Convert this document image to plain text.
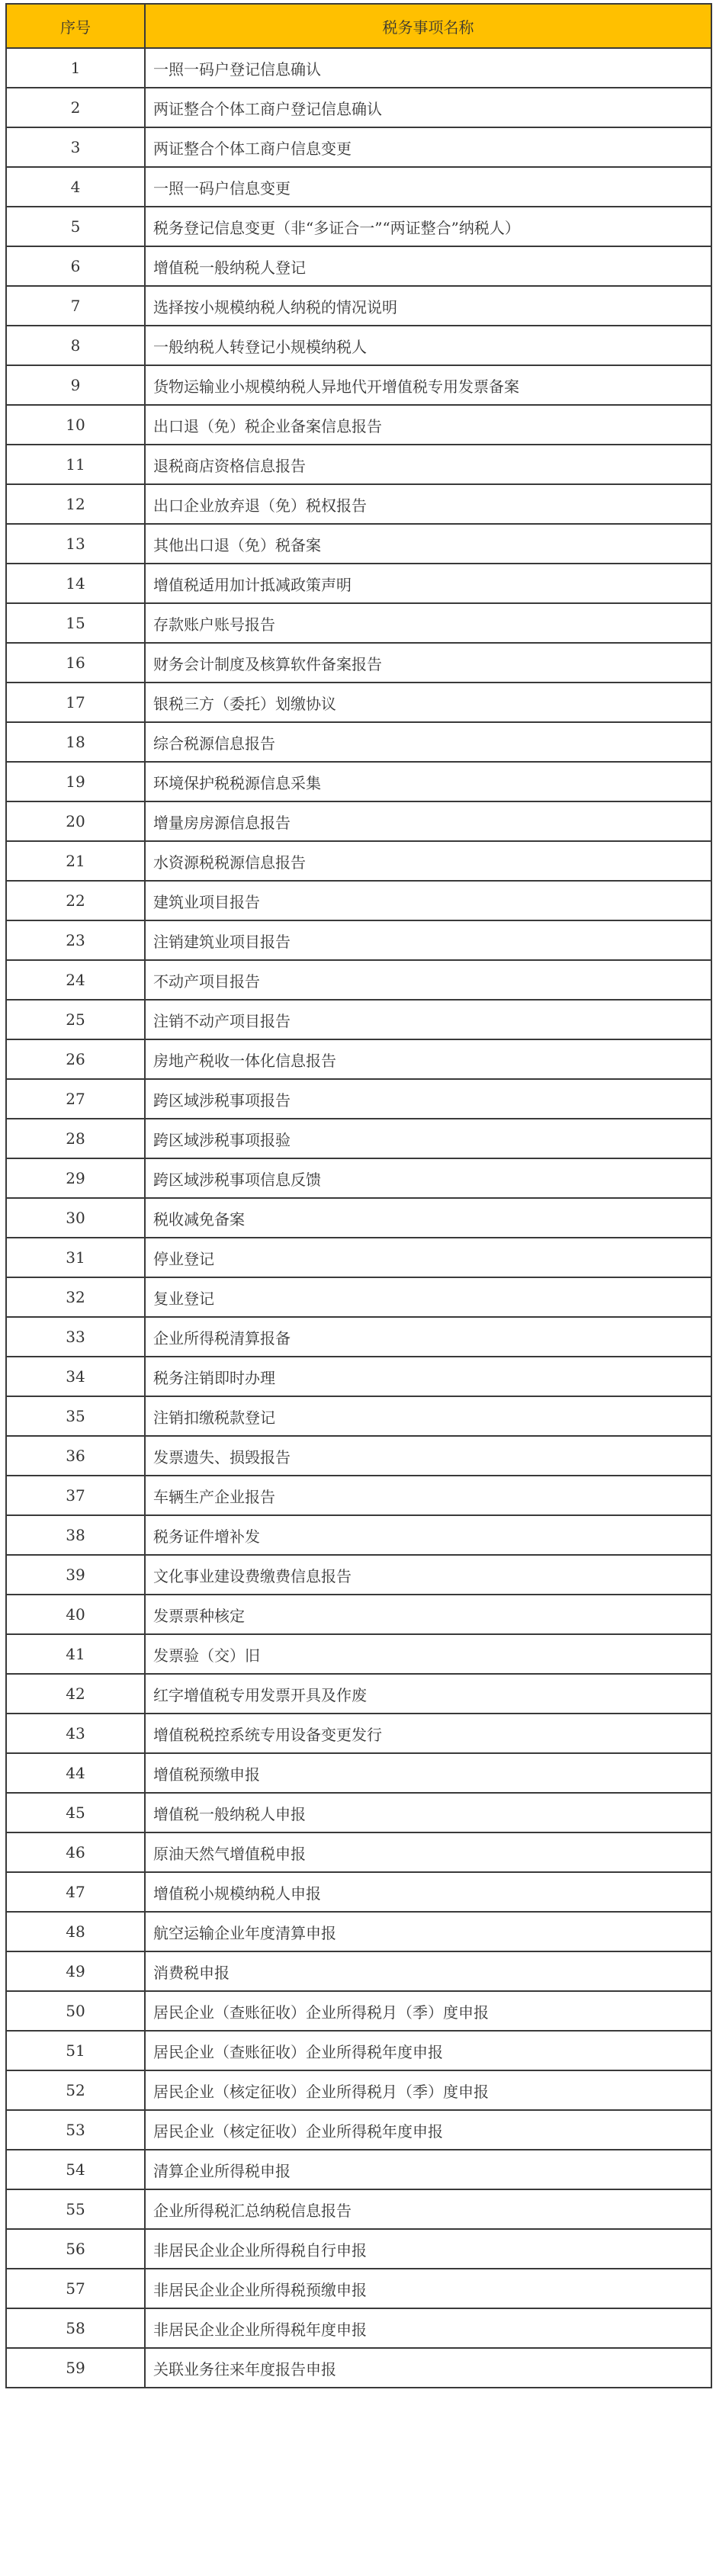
序号	税务事项名称
1	一照一码户登记信息确认
2	两证整合个体工商户登记信息确认
3	两证整合个体工商户信息变更
4	一照一码户信息变更
5	税务登记信息变更（非“多证合一”“两证整合”纳税人）
6	增值税一般纳税人登记
7	选择按小规模纳税人纳税的情况说明
8	一般纳税人转登记小规模纳税人
9	货物运输业小规模纳税人异地代开增值税专用发票备案
10	出口退（免）税企业备案信息报告
11	退税商店资格信息报告
12	出口企业放弃退（免）税权报告
13	其他出口退（免）税备案
14	增值税适用加计抵减政策声明
15	存款账户账号报告
16	财务会计制度及核算软件备案报告
17	银税三方（委托）划缴协议
18	综合税源信息报告
19	环境保护税税源信息采集
20	增量房房源信息报告
21	水资源税税源信息报告
22	建筑业项目报告
23	注销建筑业项目报告
24	不动产项目报告
25	注销不动产项目报告
26	房地产税收一体化信息报告
27	跨区域涉税事项报告
28	跨区域涉税事项报验
29	跨区域涉税事项信息反馈
30	税收减免备案
31	停业登记
32	复业登记
33	企业所得税清算报备
34	税务注销即时办理
35	注销扣缴税款登记
36	发票遗失、损毁报告
37	车辆生产企业报告
38	税务证件增补发
39	文化事业建设费缴费信息报告
40	发票票种核定
41	发票验（交）旧
42	红字增值税专用发票开具及作废
43	增值税税控系统专用设备变更发行
44	增值税预缴申报
45	增值税一般纳税人申报
46	原油天然气增值税申报
47	增值税小规模纳税人申报
48	航空运输企业年度清算申报
49	消费税申报
50	居民企业（查账征收）企业所得税月（季）度申报
51	居民企业（查账征收）企业所得税年度申报
52	居民企业（核定征收）企业所得税月（季）度申报
53	居民企业（核定征收）企业所得税年度申报
54	清算企业所得税申报
55	企业所得税汇总纳税信息报告
56	非居民企业企业所得税自行申报
57	非居民企业企业所得税预缴申报
58	非居民企业企业所得税年度申报
59	关联业务往来年度报告申报
